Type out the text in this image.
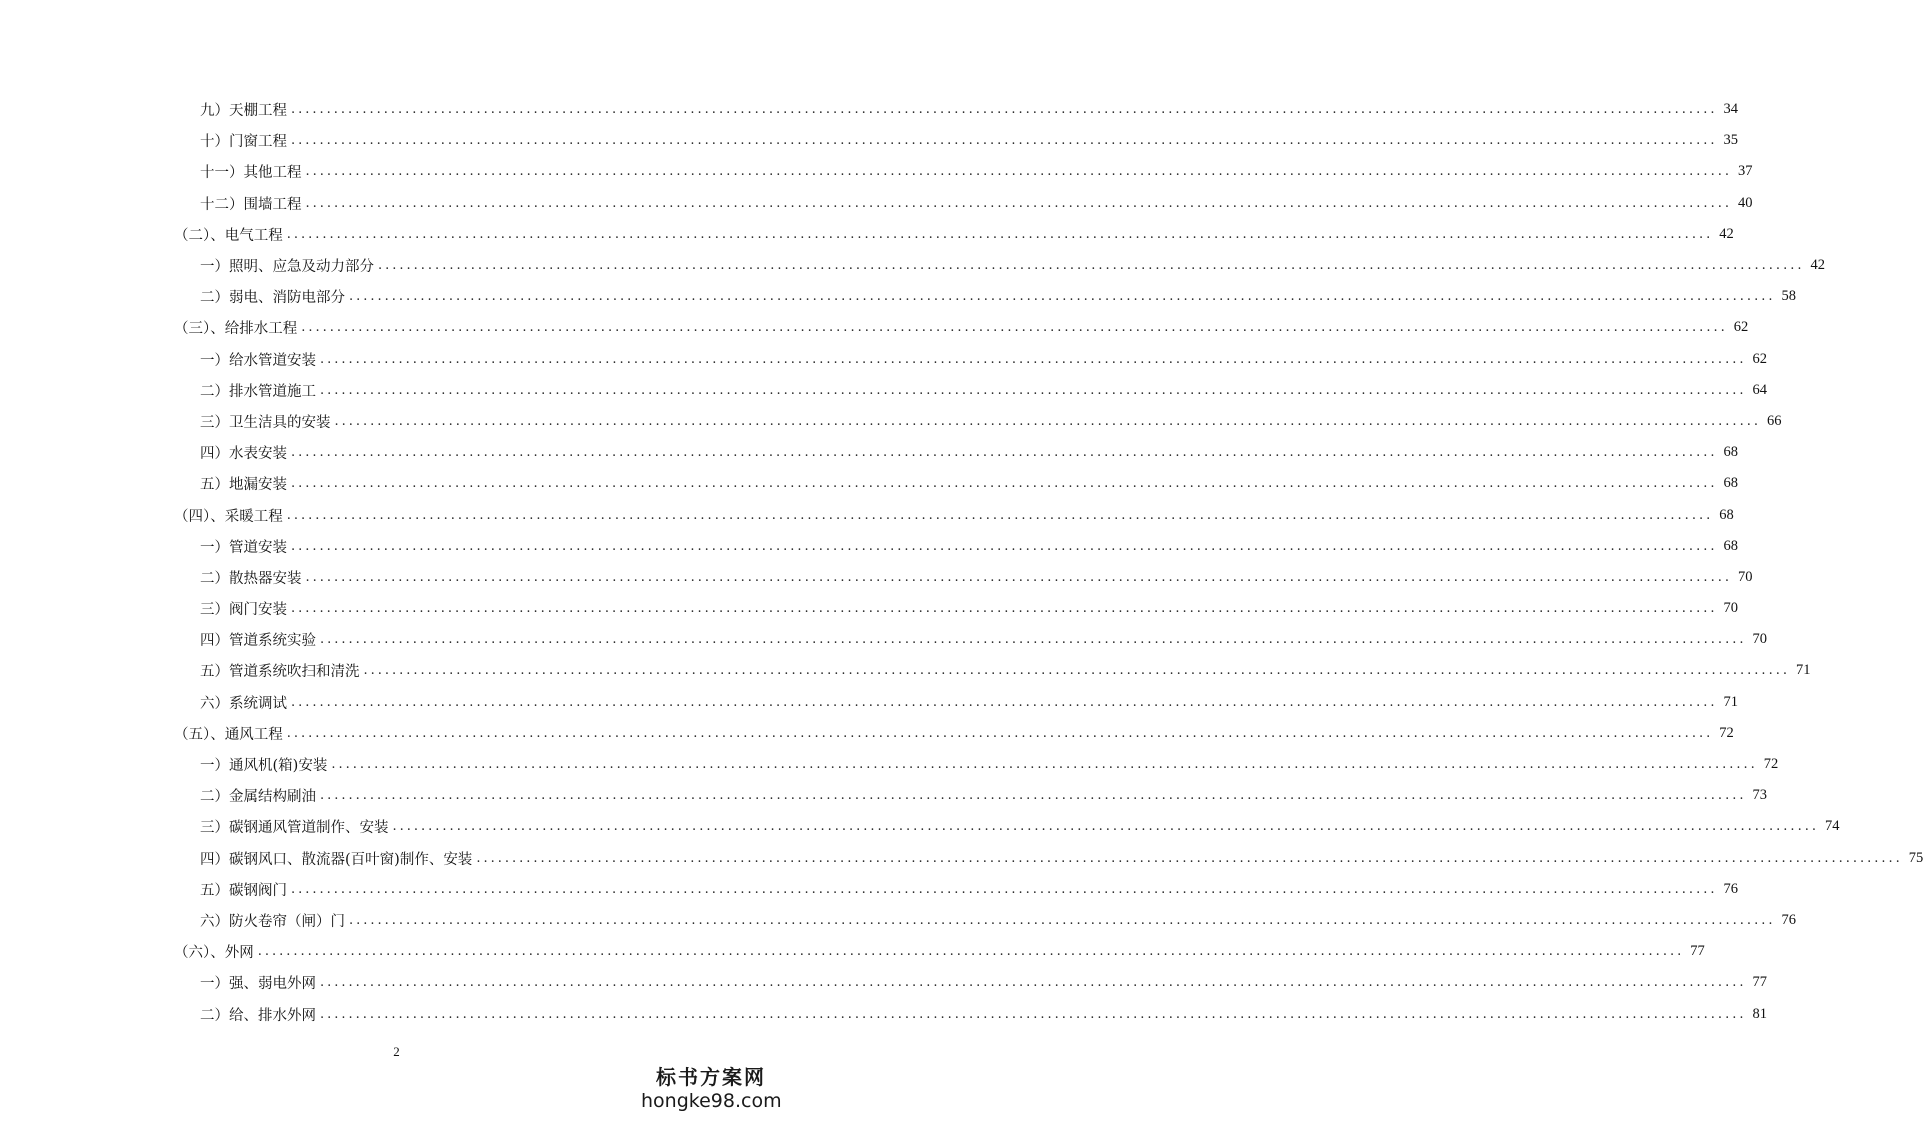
九）天棚工程 ........................................................................................................................................................................................................ 34
十）门窗工程 ........................................................................................................................................................................................................ 35
十一）其他工程 ........................................................................................................................................................................................................ 37
十二）围墙工程 ........................................................................................................................................................................................................ 40
（二）、电气工程 ........................................................................................................................................................................................................ 42
一）照明、应急及动力部分 ........................................................................................................................................................................................................ 42
二）弱电、消防电部分 ........................................................................................................................................................................................................ 58
（三）、给排水工程 ........................................................................................................................................................................................................ 62
一）给水管道安装 ........................................................................................................................................................................................................ 62
二）排水管道施工 ........................................................................................................................................................................................................ 64
三）卫生洁具的安装 ........................................................................................................................................................................................................ 66
四）水表安装 ........................................................................................................................................................................................................ 68
五）地漏安装 ........................................................................................................................................................................................................ 68
（四）、采暖工程 ........................................................................................................................................................................................................ 68
一）管道安装 ........................................................................................................................................................................................................ 68
二）散热器安装 ........................................................................................................................................................................................................ 70
三）阀门安装 ........................................................................................................................................................................................................ 70
四）管道系统实验 ........................................................................................................................................................................................................ 70
五）管道系统吹扫和清洗 ........................................................................................................................................................................................................ 71
六）系统调试 ........................................................................................................................................................................................................ 71
（五）、通风工程 ........................................................................................................................................................................................................ 72
一）通风机(箱)安装 ........................................................................................................................................................................................................ 72
二）金属结构刷油 ........................................................................................................................................................................................................ 73
三）碳钢通风管道制作、安装 ........................................................................................................................................................................................................ 74
四）碳钢风口、散流器(百叶窗)制作、安装 ........................................................................................................................................................................................................ 75
五）碳钢阀门 ........................................................................................................................................................................................................ 76
六）防火卷帘（闸）门 ........................................................................................................................................................................................................ 76
（六）、外网 ........................................................................................................................................................................................................ 77
一）强、弱电外网 ........................................................................................................................................................................................................ 77
二）给、排水外网 ........................................................................................................................................................................................................ 81
2
标书方案网
hongke98.com
